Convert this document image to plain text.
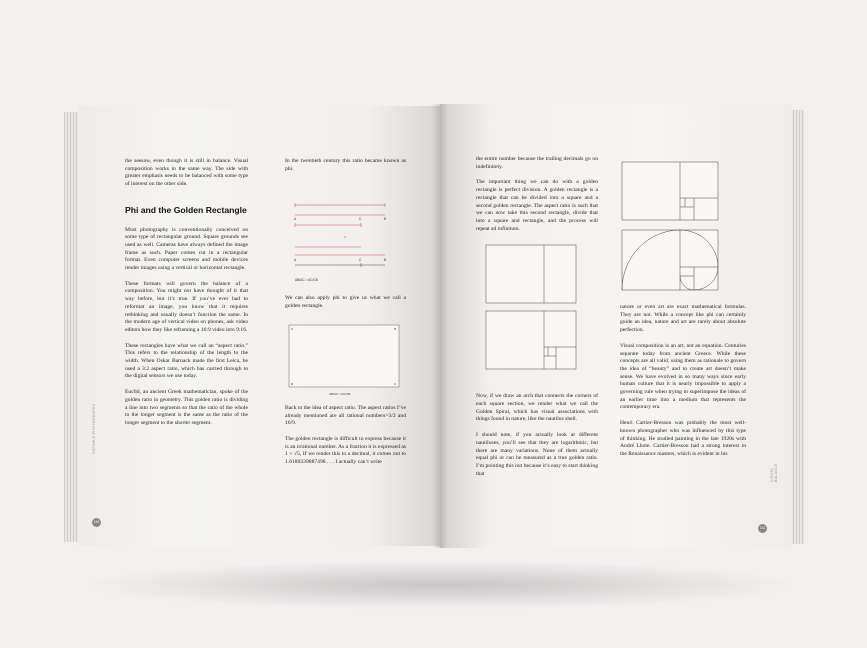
the seesaw, even though it is still in balance. Visual composition works in the same way. The side with greater emphasis needs to be balanced with some type of interest on the other side.

Phi and the Golden Rectangle

Most photography is conventionally conceived on some type of rectangular ground. Square grounds see used as well. Cameras have always defined the image frame as such. Paper comes cut in a rectangular format. Even computer screens and mobile devices render images using a vertical or horizontal rectangle.

These formats will govern the balance of a composition. You might not have thought of it that way before, but it’s true. If you’ve ever had to reformat an image, you know that it requires rethinking and usually doesn’t function the same. In the modern age of vertical video on phones, ask video editors how they like reframing a 16:9 video into 9:16.

These rectangles have what we call an “aspect ratio.” This refers to the relationship of the length to the width. When Oskar Barnack made the first Leica, he used a 3:2 aspect ratio, which has carried through to the digital sensors we use today.

Euclid, an ancient Greek mathematician, spoke of the golden ratio in geometry. This golden ratio is dividing a line into two segments so that the ratio of the whole to the longer segment is the same as the ratio of the longer segment to the shorter segment.

In the twentieth century this ratio became known as phi.

A	C	B
A	C	B
AB/AC = AC/CB

We can also apply phi to give us what we call a golden rectangle.

A	B
C
D
AB/AC = AC/CB

Back to the idea of aspect ratio. The aspect ratios I’ve already mentioned are all rational numbers=3/2 and 16/9.

The golden rectangle is difficult to express because it is an irrational number. As a fraction it is expressed as 1 + √5, If we render this to a decimal, it comes out to 1.6180339887498 . . . I actually can’t write

NOTABLE PHOTOGRAPHS
110

the entire number because the trailing decimals go on indefinitely.

The important thing we can do with a golden rectangle is perfect division. A golden rectangle is a rectangle that can be divided into a square and a second golden rectangle. The aspect ratio is such that we can now take this second rectangle, divide that into a square and rectangle, and the process will repeat ad infinitum.

Now, if we draw an arch that connects the corners of each square section, we render what we call the Golden Spiral, which has visual associations with things found in nature, like the nautilus shell.

I should note, if you actually look at different nautiluses, you’ll see that they are logarithmic, but there are many variations. None of them actually equal phi or can be measured as a true golden ratio. I’m pointing this out because it’s easy to start thinking that

nature or even art are exact mathematical formulas. They are not. While a concept like phi can certainly guide an idea, nature and art are rarely about absolute perfection.

Visual composition is an art, not an equation. Centuries separate today from ancient Greece. While these concepts are all valid, using them as rationale to govern the idea of “beauty” and to create art doesn’t make sense. We have evolved in so many ways since early human culture that it is nearly impossible to apply a governing rule when trying to superimpose the ideas of an earlier time into a medium that represents the contemporary era.

Henri Cartier-Bresson was probably the most well-known photographer who was influenced by this type of thinking. He studied painting in the late 1920s with André Lhote. Cartier-Bresson had a strong interest in the Renaissance masters, which is evident in his

VISUAL BALANCE
111
